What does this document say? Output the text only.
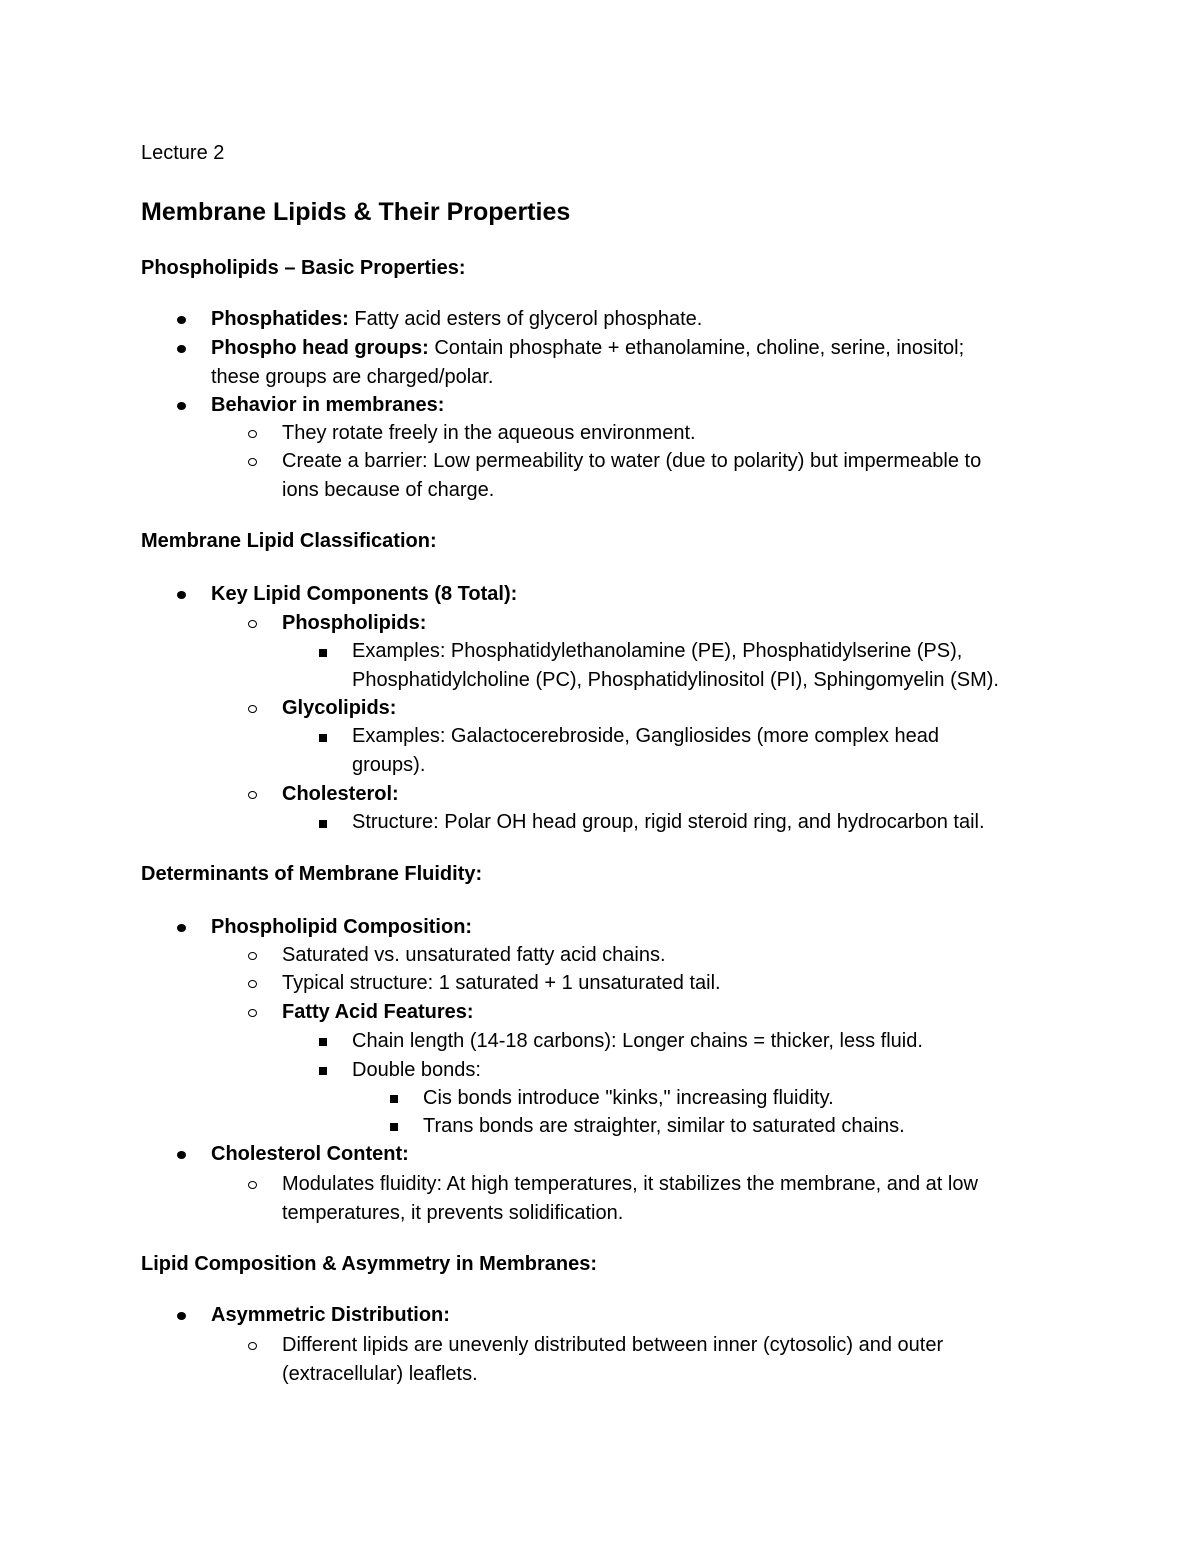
Lecture 2
Membrane Lipids & Their Properties
Phospholipids – Basic Properties:
Phosphatides: Fatty acid esters of glycerol phosphate.
Phospho head groups: Contain phosphate + ethanolamine, choline, serine, inositol;
these groups are charged/polar.
Behavior in membranes:
They rotate freely in the aqueous environment.
Create a barrier: Low permeability to water (due to polarity) but impermeable to
ions because of charge.
Membrane Lipid Classification:
Key Lipid Components (8 Total):
Phospholipids:
Examples: Phosphatidylethanolamine (PE), Phosphatidylserine (PS),
Phosphatidylcholine (PC), Phosphatidylinositol (PI), Sphingomyelin (SM).
Glycolipids:
Examples: Galactocerebroside, Gangliosides (more complex head
groups).
Cholesterol:
Structure: Polar OH head group, rigid steroid ring, and hydrocarbon tail.
Determinants of Membrane Fluidity:
Phospholipid Composition:
Saturated vs. unsaturated fatty acid chains.
Typical structure: 1 saturated + 1 unsaturated tail.
Fatty Acid Features:
Chain length (14-18 carbons): Longer chains = thicker, less fluid.
Double bonds:
Cis bonds introduce "kinks," increasing fluidity.
Trans bonds are straighter, similar to saturated chains.
Cholesterol Content:
Modulates fluidity: At high temperatures, it stabilizes the membrane, and at low
temperatures, it prevents solidification.
Lipid Composition & Asymmetry in Membranes:
Asymmetric Distribution:
Different lipids are unevenly distributed between inner (cytosolic) and outer
(extracellular) leaflets.
